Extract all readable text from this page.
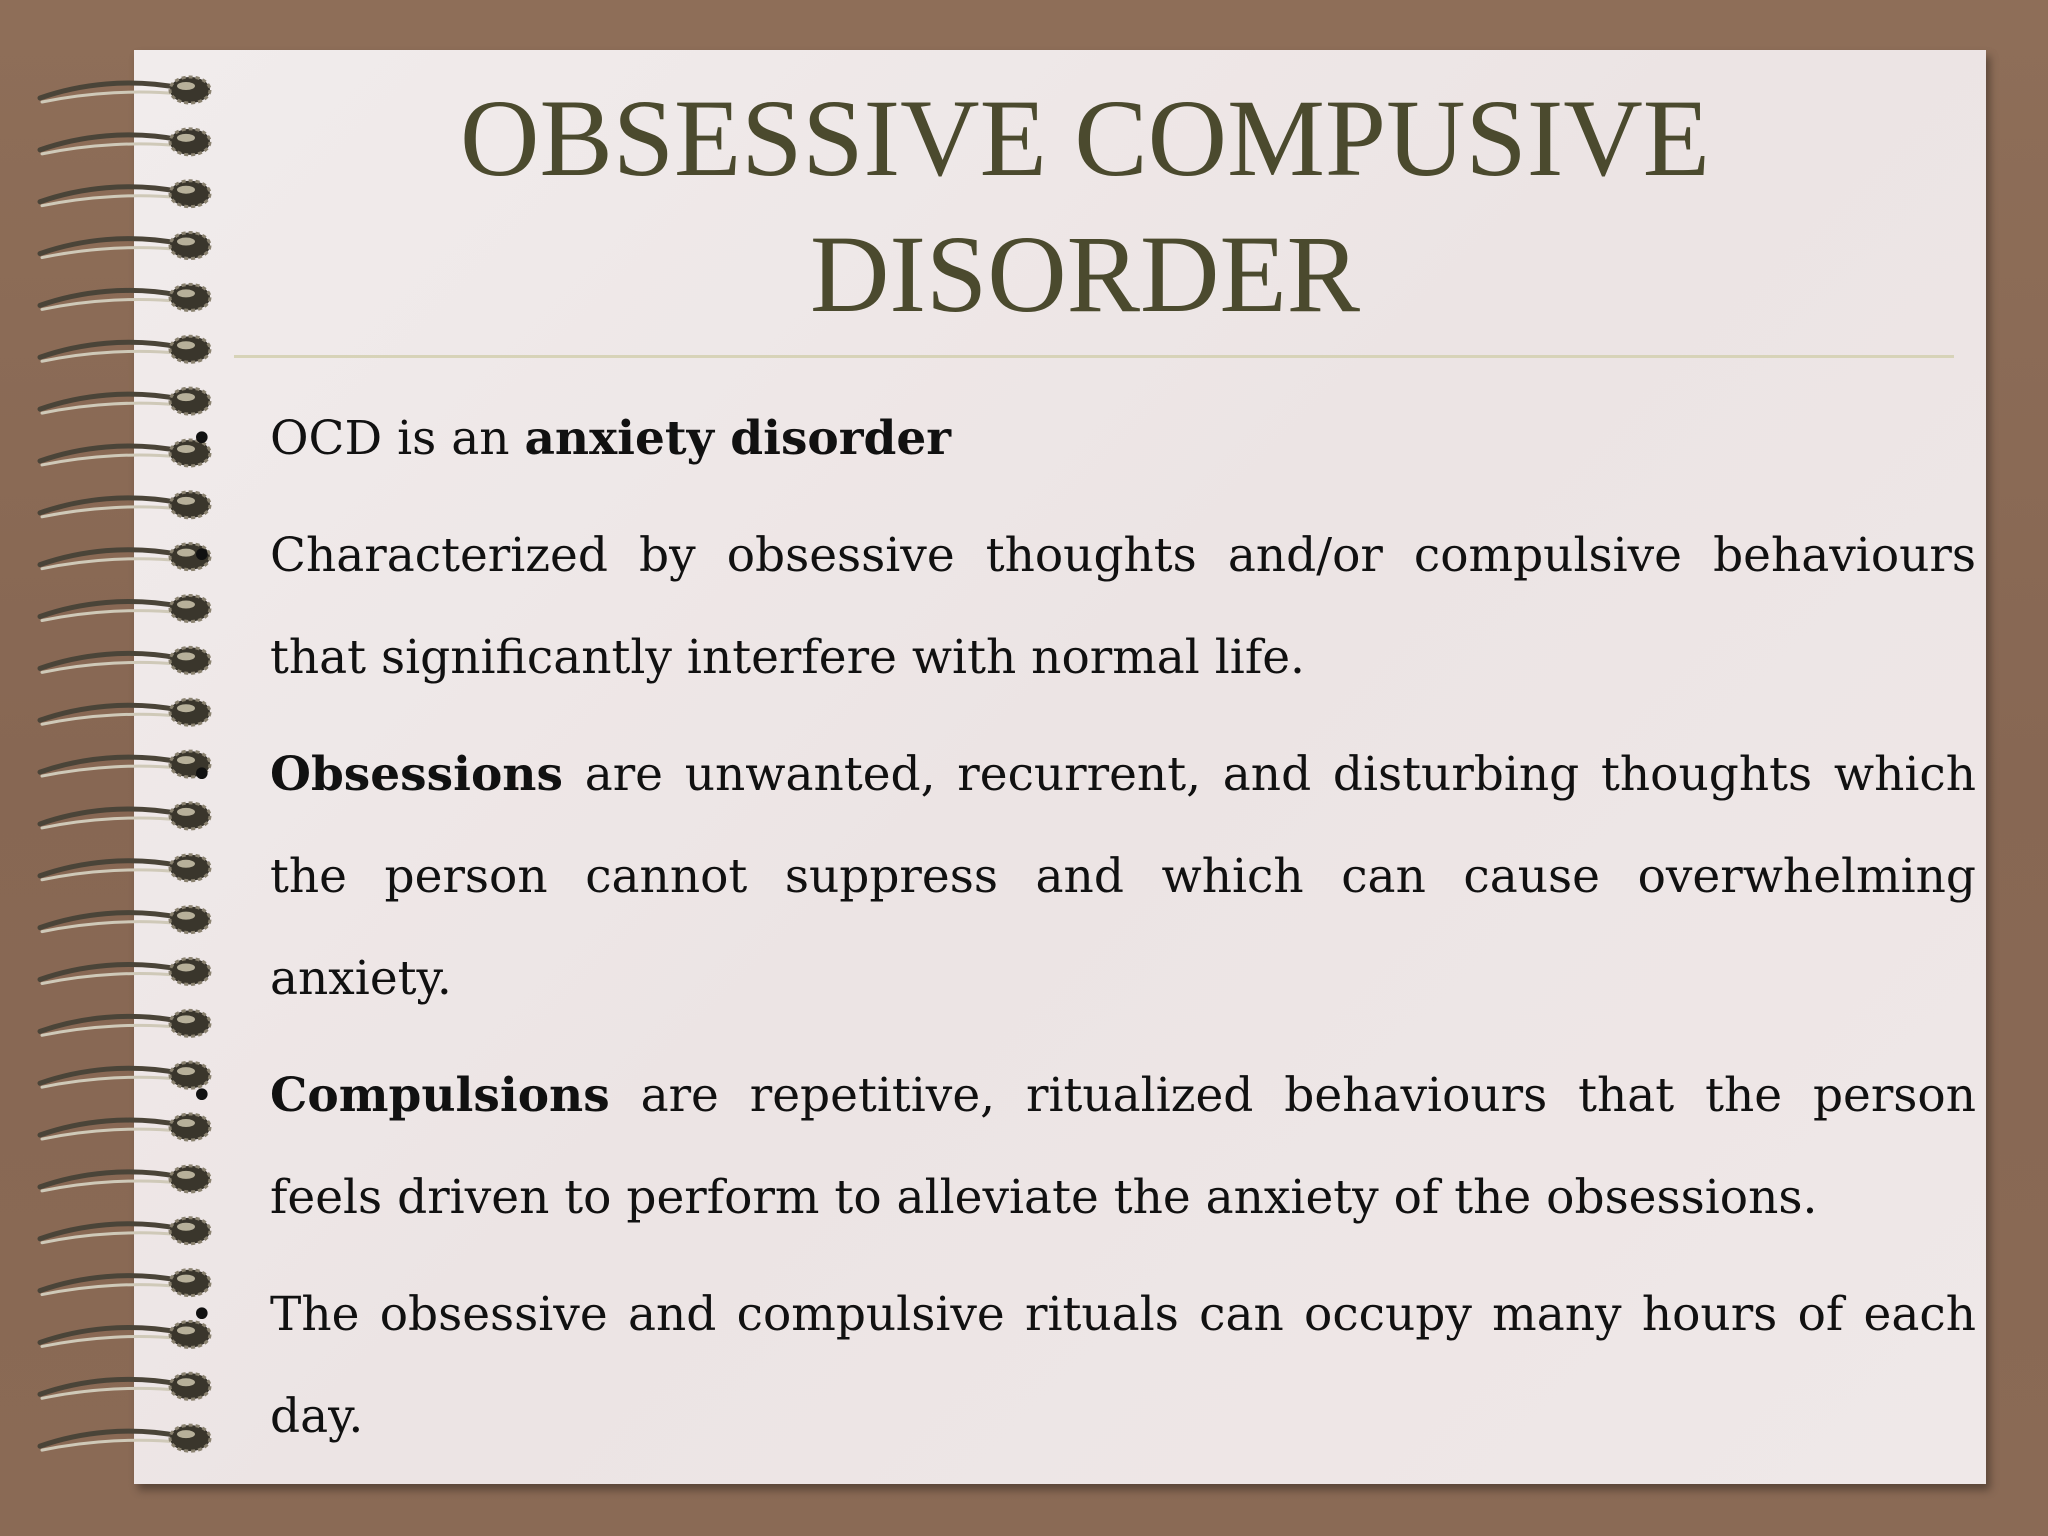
OBSESSIVE COMPUSIVE
DISORDER
• OCD is an anxiety disorder
• Characterized by obsessive thoughts and/or compulsive behaviours that significantly interfere with normal life.
• Obsessions are unwanted, recurrent, and disturbing thoughts which the person cannot suppress and which can cause overwhelming anxiety.
• Compulsions are repetitive, ritualized behaviours that the person feels driven to perform to alleviate the anxiety of the obsessions.
• The obsessive and compulsive rituals can occupy many hours of each day.
